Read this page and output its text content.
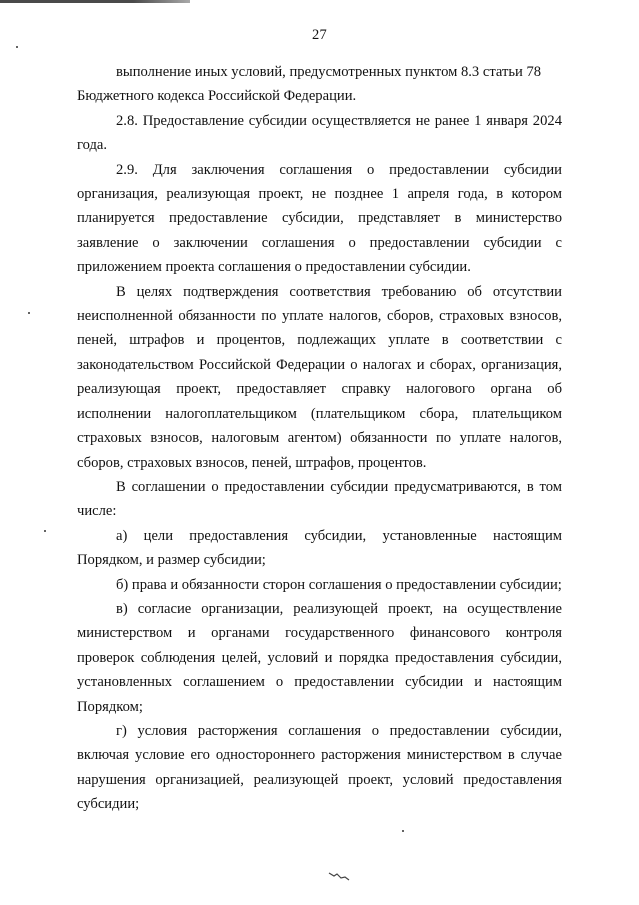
27

выполнение иных условий, предусмотренных пунктом 8.3 статьи 78 Бюджетного кодекса Российской Федерации.

2.8. Предоставление субсидии осуществляется не ранее 1 января 2024 года.

2.9. Для заключения соглашения о предоставлении субсидии организация, реализующая проект, не позднее 1 апреля года, в котором планируется предоставление субсидии, представляет в министерство заявление о заключении соглашения о предоставлении субсидии с приложением проекта соглашения о предоставлении субсидии.

В целях подтверждения соответствия требованию об отсутствии неисполненной обязанности по уплате налогов, сборов, страховых взносов, пеней, штрафов и процентов, подлежащих уплате в соответствии с законодательством Российской Федерации о налогах и сборах, организация, реализующая проект, предоставляет справку налогового органа об исполнении налогоплательщиком (плательщиком сбора, плательщиком страховых взносов, налоговым агентом) обязанности по уплате налогов, сборов, страховых взносов, пеней, штрафов, процентов.

В соглашении о предоставлении субсидии предусматриваются, в том числе:

а) цели предоставления субсидии, установленные настоящим Порядком, и размер субсидии;

б) права и обязанности сторон соглашения о предоставлении субсидии;

в) согласие организации, реализующей проект, на осуществление министерством и органами государственного финансового контроля проверок соблюдения целей, условий и порядка предоставления субсидии, установленных соглашением о предоставлении субсидии и настоящим Порядком;

г) условия расторжения соглашения о предоставлении субсидии, включая условие его одностороннего расторжения министерством в случае нарушения организацией, реализующей проект, условий предоставления субсидии;
